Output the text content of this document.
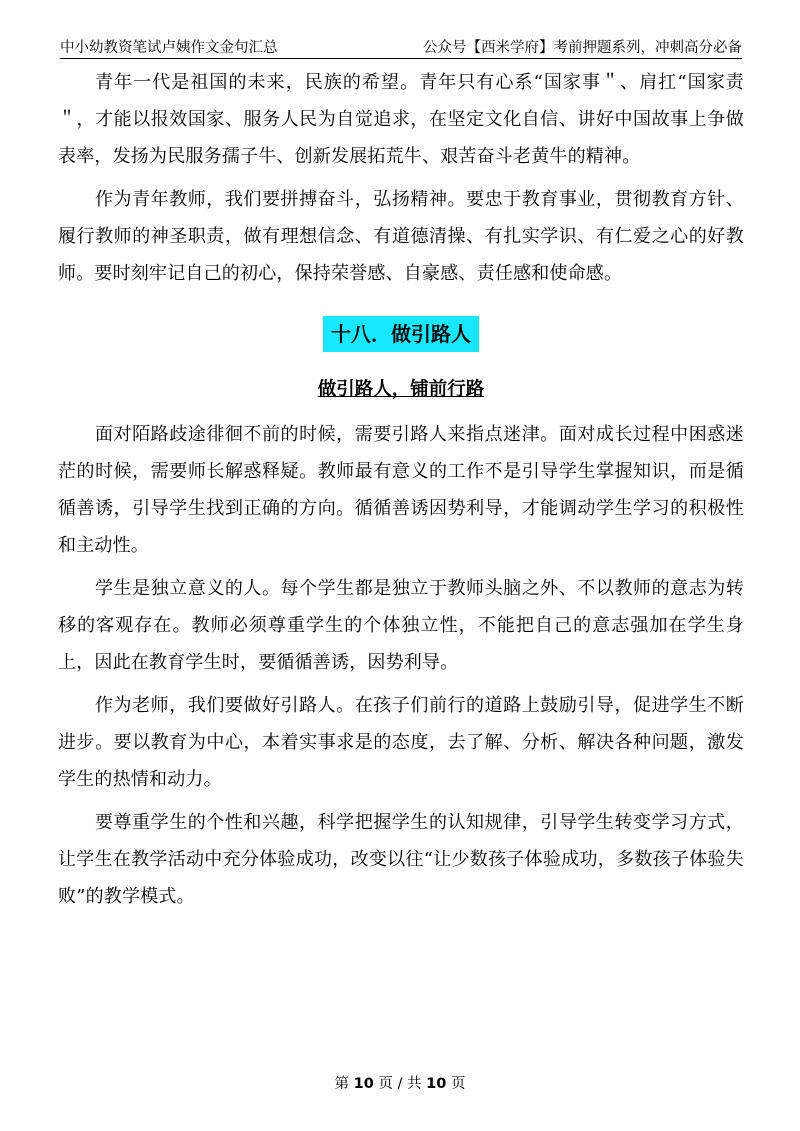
中小幼教资笔试卢姨作文金句汇总	公众号【西米学府】考前押题系列，冲刺高分必备

青年一代是祖国的未来，民族的希望。青年只有心系“国家事＂、肩扛“国家责＂，才能以报效国家、服务人民为自觉追求，在坚定文化自信、讲好中国故事上争做表率，发扬为民服务孺子牛、创新发展拓荒牛、艰苦奋斗老黄牛的精神。

作为青年教师，我们要拼搏奋斗，弘扬精神。要忠于教育事业，贯彻教育方针、履行教师的神圣职责，做有理想信念、有道德清操、有扎实学识、有仁爱之心的好教师。要时刻牢记自己的初心，保持荣誉感、自豪感、责任感和使命感。

十八．做引路人
做引路人，铺前行路

面对陌路歧途徘徊不前的时候，需要引路人来指点迷津。面对成长过程中困惑迷茫的时候，需要师长解惑释疑。教师最有意义的工作不是引导学生掌握知识，而是循循善诱，引导学生找到正确的方向。循循善诱因势利导，才能调动学生学习的积极性和主动性。

学生是独立意义的人。每个学生都是独立于教师头脑之外、不以教师的意志为转移的客观存在。教师必须尊重学生的个体独立性，不能把自己的意志强加在学生身上，因此在教育学生时，要循循善诱，因势利导。

作为老师，我们要做好引路人。在孩子们前行的道路上鼓励引导，促进学生不断进步。要以教育为中心，本着实事求是的态度，去了解、分析、解决各种问题，激发学生的热情和动力。

要尊重学生的个性和兴趣，科学把握学生的认知规律，引导学生转变学习方式，让学生在教学活动中充分体验成功，改变以往“让少数孩子体验成功，多数孩子体验失败”的教学模式。

第 10 页 / 共 10 页
